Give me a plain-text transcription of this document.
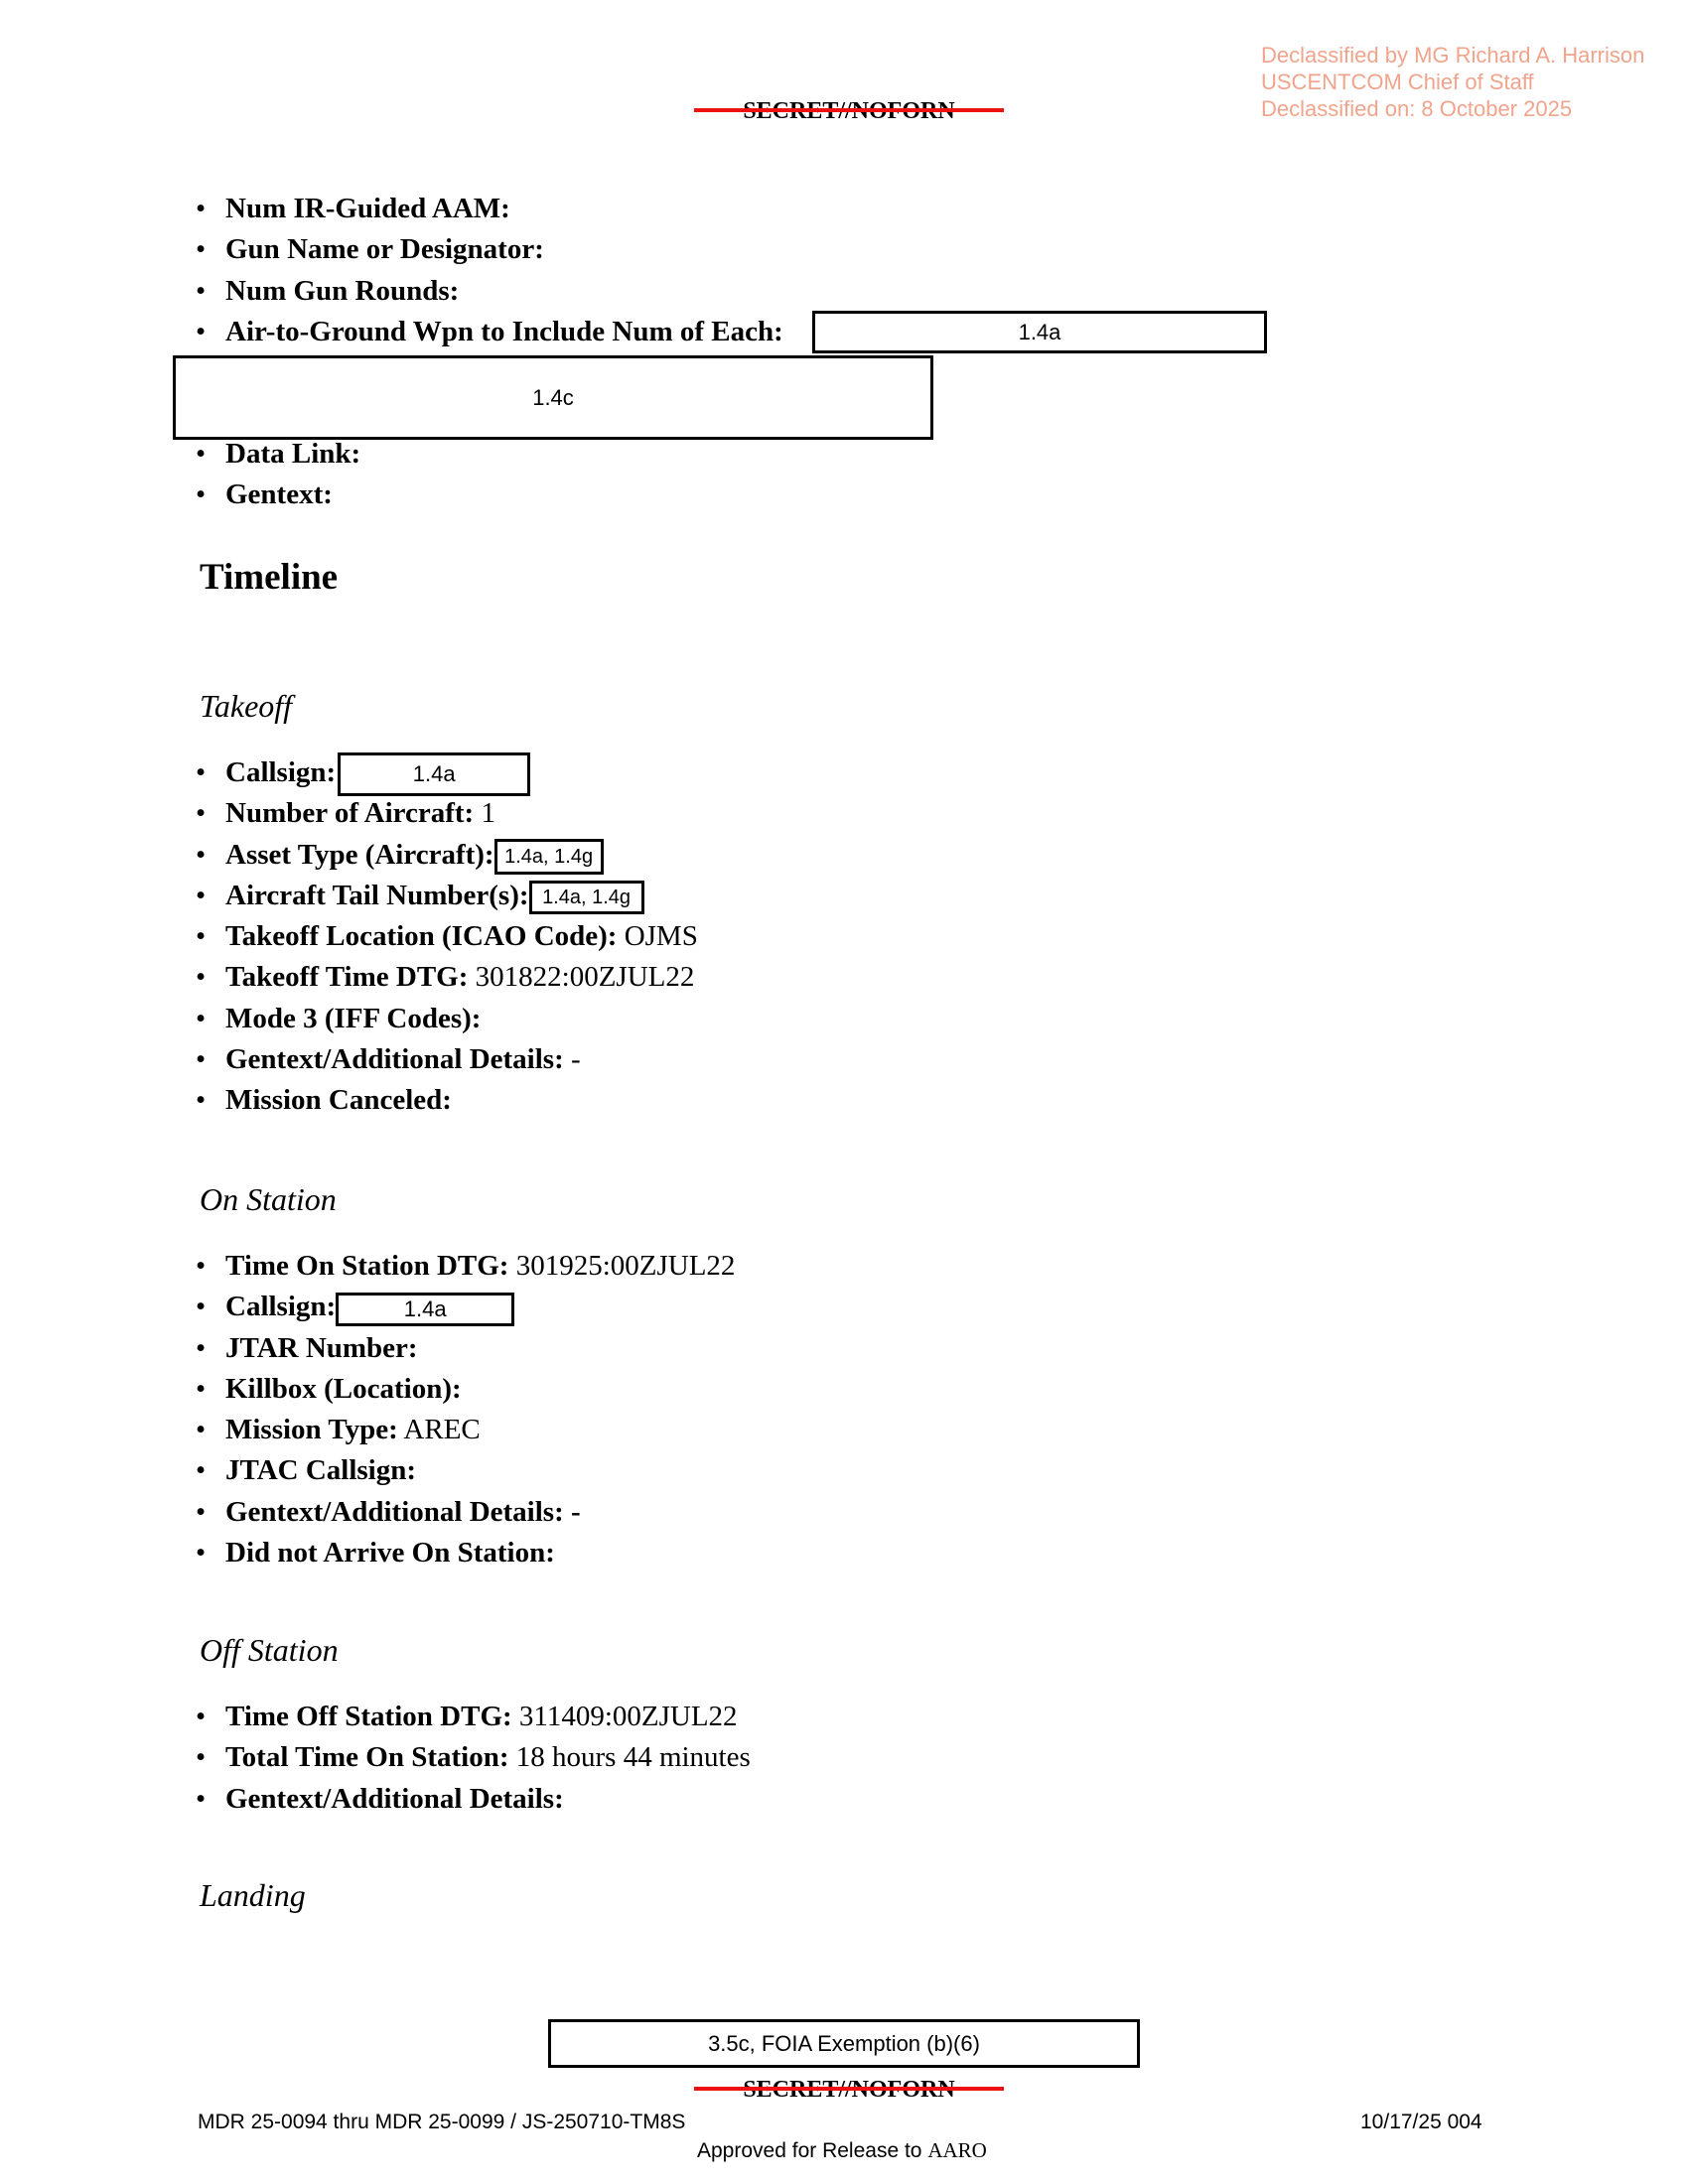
Declassified by MG Richard A. Harrison
USCENTCOM Chief of Staff
Declassified on: 8 October 2025
• Num IR-Guided AAM:
• Gun Name or Designator:
• Num Gun Rounds:
• Air-to-Ground Wpn to Include Num of Each:	1.4a
1.4c
• Data Link:
• Gentext:
Timeline
Takeoff
• Callsign:	1.4a
• Number of Aircraft: 1
• Asset Type (Aircraft): 1.4a, 1.4g
• Aircraft Tail Number(s): 1.4a, 1.4g
• Takeoff Location (ICAO Code): OJMS
• Takeoff Time DTG: 301822:00ZJUL22
• Mode 3 (IFF Codes):
• Gentext/Additional Details: -
• Mission Canceled:
On Station
• Time On Station DTG: 301925:00ZJUL22
• Callsign:	1.4a
• JTAR Number:
• Killbox (Location):
• Mission Type: AREC
• JTAC Callsign:
• Gentext/Additional Details: -
• Did not Arrive On Station:
Off Station
• Time Off Station DTG: 311409:00ZJUL22
• Total Time On Station: 18 hours 44 minutes
• Gentext/Additional Details:
Landing
3.5c, FOIA Exemption (b)(6)
MDR 25-0094 thru MDR 25-0099 / JS-250710-TM8S	10/17/25 004
Approved for Release to AARO
